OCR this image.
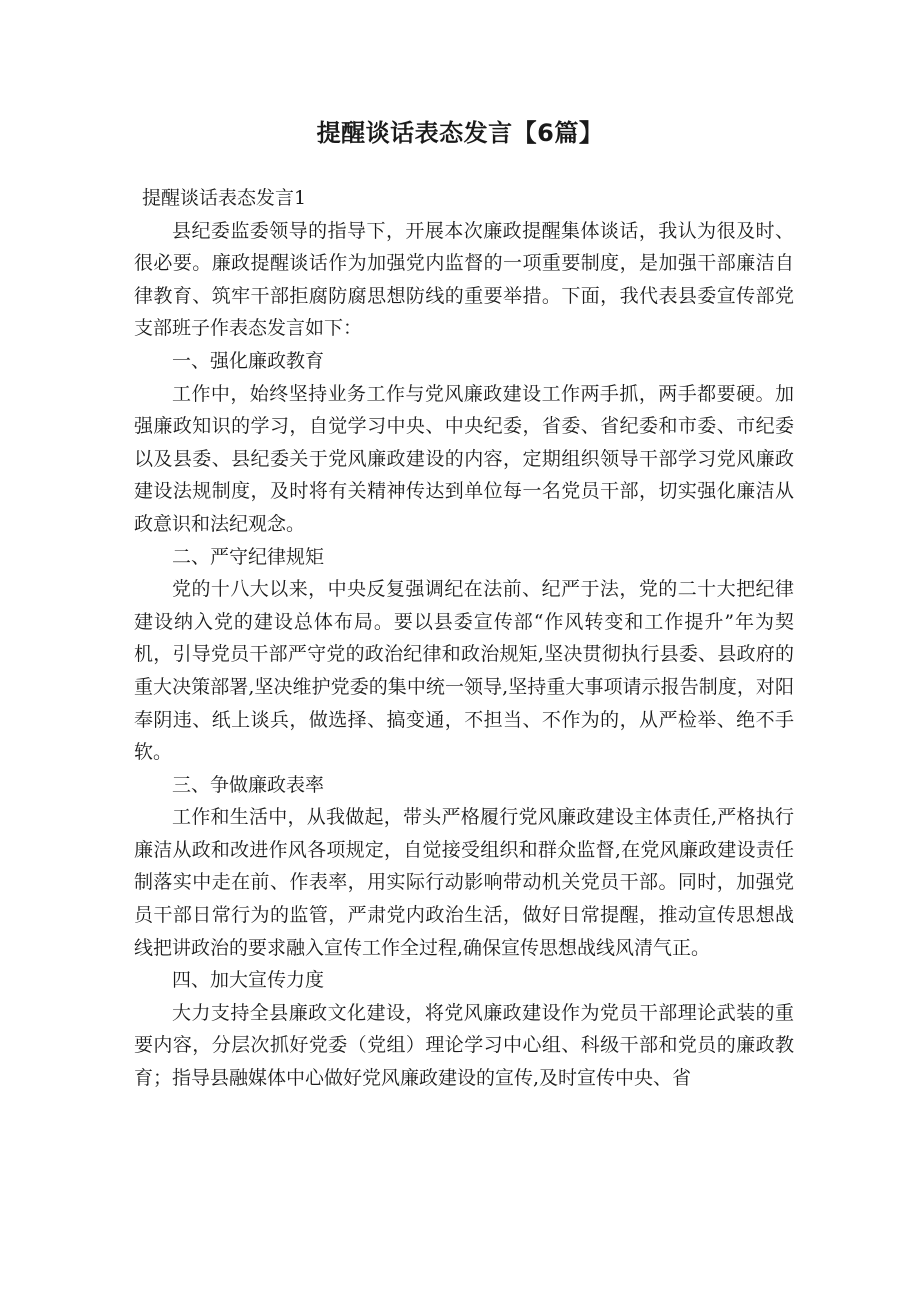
提醒谈话表态发言【6篇】

提醒谈话表态发言1

县纪委监委领导的指导下，开展本次廉政提醒集体谈话，我认为很及时、很必要。廉政提醒谈话作为加强党内监督的一项重要制度，是加强干部廉洁自律教育、筑牢干部拒腐防腐思想防线的重要举措。下面，我代表县委宣传部党支部班子作表态发言如下：

一、强化廉政教育

工作中，始终坚持业务工作与党风廉政建设工作两手抓，两手都要硬。加强廉政知识的学习，自觉学习中央、中央纪委，省委、省纪委和市委、市纪委以及县委、县纪委关于党风廉政建设的内容，定期组织领导干部学习党风廉政建设法规制度，及时将有关精神传达到单位每一名党员干部，切实强化廉洁从政意识和法纪观念。

二、严守纪律规矩

党的十八大以来，中央反复强调纪在法前、纪严于法，党的二十大把纪律建设纳入党的建设总体布局。要以县委宣传部“作风转变和工作提升”年为契机，引导党员干部严守党的政治纪律和政治规矩,坚决贯彻执行县委、县政府的重大决策部署,坚决维护党委的集中统一领导,坚持重大事项请示报告制度，对阳奉阴违、纸上谈兵，做选择、搞变通，不担当、不作为的，从严检举、绝不手软。

三、争做廉政表率

工作和生活中，从我做起，带头严格履行党风廉政建设主体责任,严格执行廉洁从政和改进作风各项规定，自觉接受组织和群众监督,在党风廉政建设责任制落实中走在前、作表率，用实际行动影响带动机关党员干部。同时，加强党员干部日常行为的监管，严肃党内政治生活，做好日常提醒，推动宣传思想战线把讲政治的要求融入宣传工作全过程,确保宣传思想战线风清气正。

四、加大宣传力度

大力支持全县廉政文化建设，将党风廉政建设作为党员干部理论武装的重要内容，分层次抓好党委（党组）理论学习中心组、科级干部和党员的廉政教育；指导县融媒体中心做好党风廉政建设的宣传,及时宣传中央、省
